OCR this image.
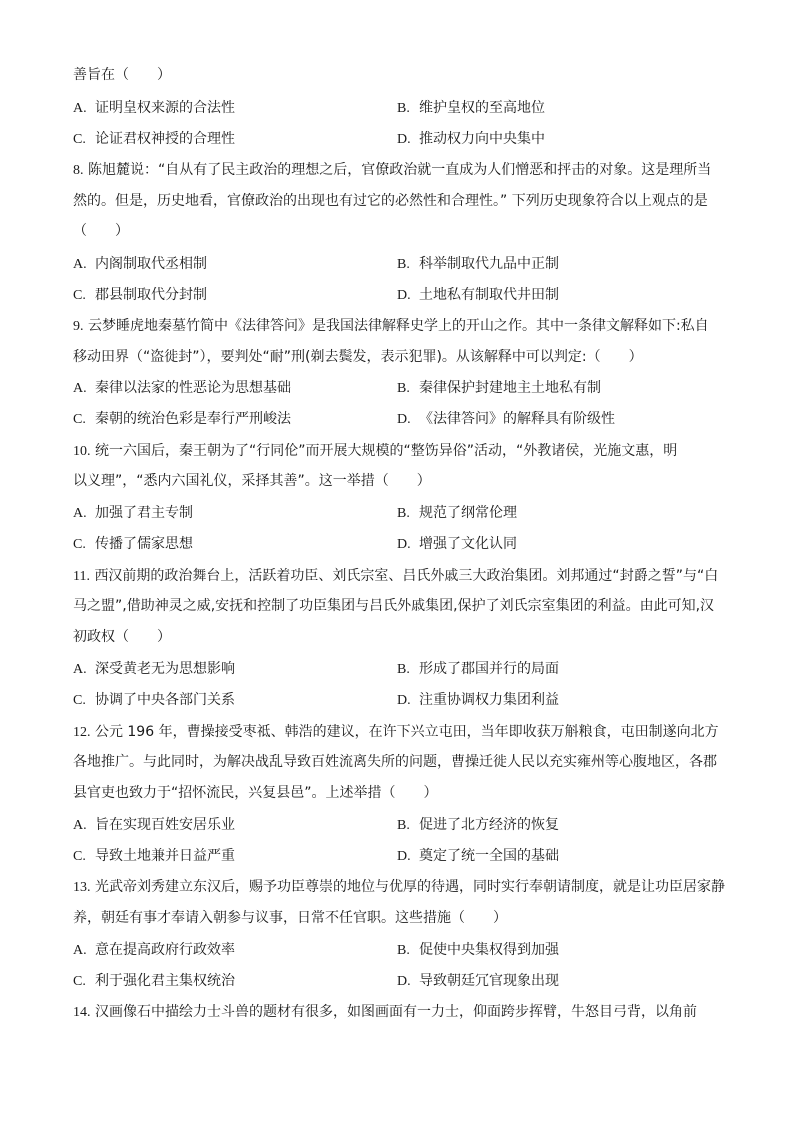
善旨在（　　）
A. 证明皇权来源的合法性	B. 维护皇权的至高地位
C. 论证君权神授的合理性	D. 推动权力向中央集中
8. 陈旭麓说：“自从有了民主政治的理想之后，官僚政治就一直成为人们憎恶和抨击的对象。这是理所当
然的。但是，历史地看，官僚政治的出现也有过它的必然性和合理性。” 下列历史现象符合以上观点的是
（　　）
A. 内阁制取代丞相制	B. 科举制取代九品中正制
C. 郡县制取代分封制	D. 土地私有制取代井田制
9. 云梦睡虎地秦墓竹简中《法律答问》是我国法律解释史学上的开山之作。其中一条律文解释如下:私自
移动田界（“盗徙封”），要判处“耐”刑(剃去鬓发，表示犯罪)。从该解释中可以判定:（　　）
A. 秦律以法家的性恶论为思想基础	B. 秦律保护封建地主土地私有制
C. 秦朝的统治色彩是奉行严刑峻法	D. 《法律答问》的解释具有阶级性
10. 统一六国后，秦王朝为了“行同伦”而开展大规模的“整饬异俗”活动，“外教诸侯，光施文惠，明
以义理”，“悉内六国礼仪，采择其善”。这一举措（　　）
A. 加强了君主专制	B. 规范了纲常伦理
C. 传播了儒家思想	D. 增强了文化认同
11. 西汉前期的政治舞台上，活跃着功臣、刘氏宗室、吕氏外戚三大政治集团。刘邦通过“封爵之誓”与“白
马之盟”,借助神灵之威,安抚和控制了功臣集团与吕氏外戚集团,保护了刘氏宗室集团的利益。由此可知,汉
初政权（　　）
A. 深受黄老无为思想影响	B. 形成了郡国并行的局面
C. 协调了中央各部门关系	D. 注重协调权力集团利益
12. 公元 196 年，曹操接受枣祗、韩浩的建议，在许下兴立屯田，当年即收获万斛粮食，屯田制遂向北方
各地推广。与此同时，为解决战乱导致百姓流离失所的问题，曹操迁徙人民以充实雍州等心腹地区，各郡
县官吏也致力于“招怀流民，兴复县邑”。上述举措（　　）
A. 旨在实现百姓安居乐业	B. 促进了北方经济的恢复
C. 导致土地兼并日益严重	D. 奠定了统一全国的基础
13. 光武帝刘秀建立东汉后，赐予功臣尊崇的地位与优厚的待遇，同时实行奉朝请制度，就是让功臣居家静
养，朝廷有事才奉请入朝参与议事，日常不任官职。这些措施（　　）
A. 意在提高政府行政效率	B. 促使中央集权得到加强
C. 利于强化君主集权统治	D. 导致朝廷冗官现象出现
14. 汉画像石中描绘力士斗兽的题材有很多，如图画面有一力士，仰面跨步挥臂，牛怒目弓背，以角前
